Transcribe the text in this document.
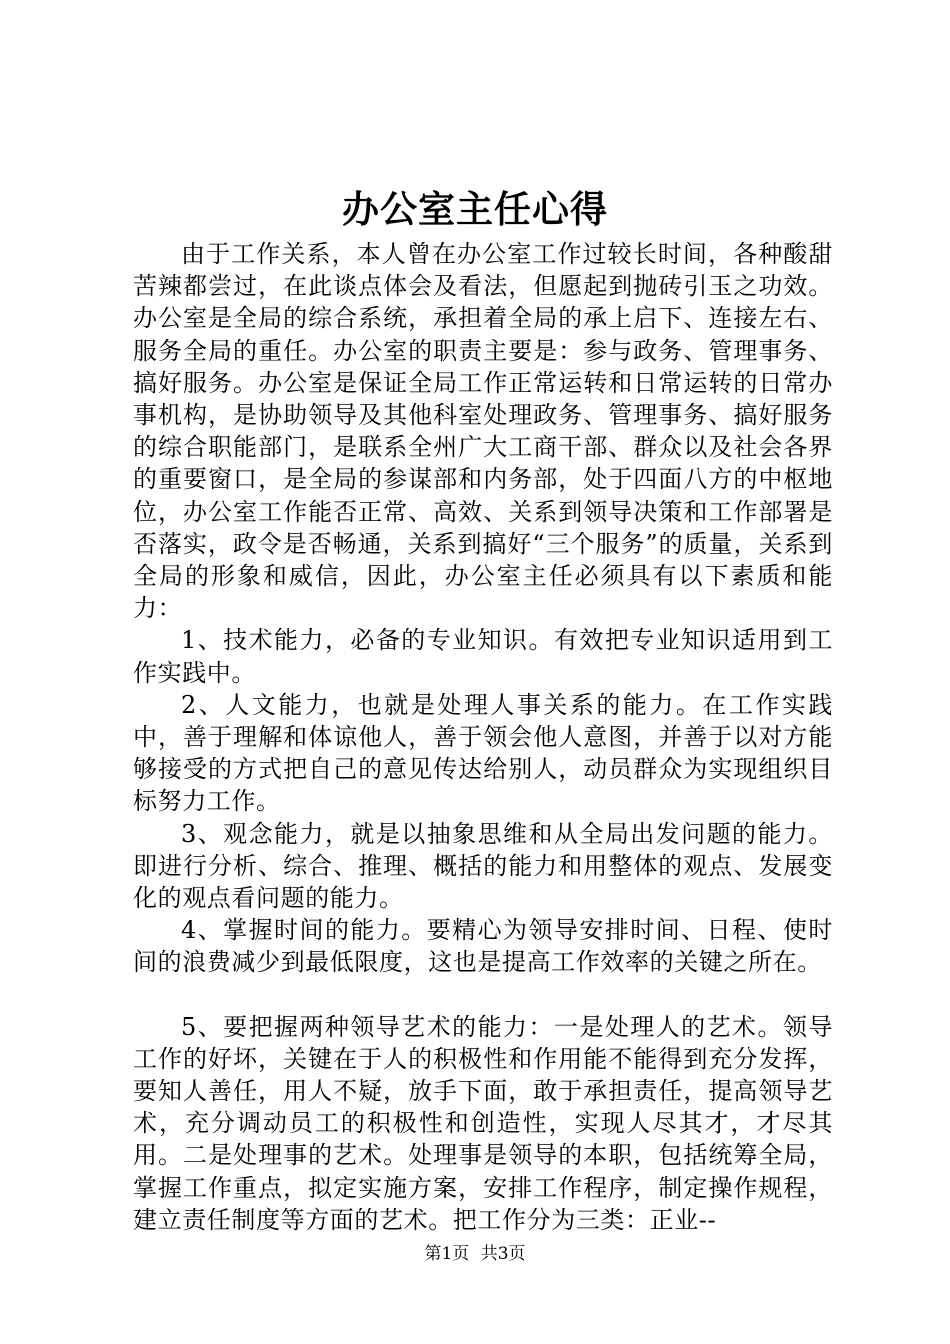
办公室主任心得

由于工作关系，本人曾在办公室工作过较长时间，各种酸甜苦辣都尝过，在此谈点体会及看法，但愿起到抛砖引玉之功效。办公室是全局的综合系统，承担着全局的承上启下、连接左右、服务全局的重任。办公室的职责主要是：参与政务、管理事务、搞好服务。办公室是保证全局工作正常运转和日常运转的日常办事机构，是协助领导及其他科室处理政务、管理事务、搞好服务的综合职能部门，是联系全州广大工商干部、群众以及社会各界的重要窗口，是全局的参谋部和内务部，处于四面八方的中枢地位，办公室工作能否正常、高效、关系到领导决策和工作部署是否落实，政令是否畅通，关系到搞好“三个服务”的质量，关系到全局的形象和威信，因此，办公室主任必须具有以下素质和能力：

1、技术能力，必备的专业知识。有效把专业知识适用到工作实践中。

2、人文能力，也就是处理人事关系的能力。在工作实践中，善于理解和体谅他人，善于领会他人意图，并善于以对方能够接受的方式把自己的意见传达给别人，动员群众为实现组织目标努力工作。

3、观念能力，就是以抽象思维和从全局出发问题的能力。即进行分析、综合、推理、概括的能力和用整体的观点、发展变化的观点看问题的能力。

4、掌握时间的能力。要精心为领导安排时间、日程、使时间的浪费减少到最低限度，这也是提高工作效率的关键之所在。

5、要把握两种领导艺术的能力：一是处理人的艺术。领导工作的好坏，关键在于人的积极性和作用能不能得到充分发挥，要知人善任，用人不疑，放手下面，敢于承担责任，提高领导艺术，充分调动员工的积极性和创造性，实现人尽其才，才尽其用。二是处理事的艺术。处理事是领导的本职，包括统筹全局，掌握工作重点，拟定实施方案，安排工作程序，制定操作规程，建立责任制度等方面的艺术。把工作分为三类：正业--

第1页 共3页
